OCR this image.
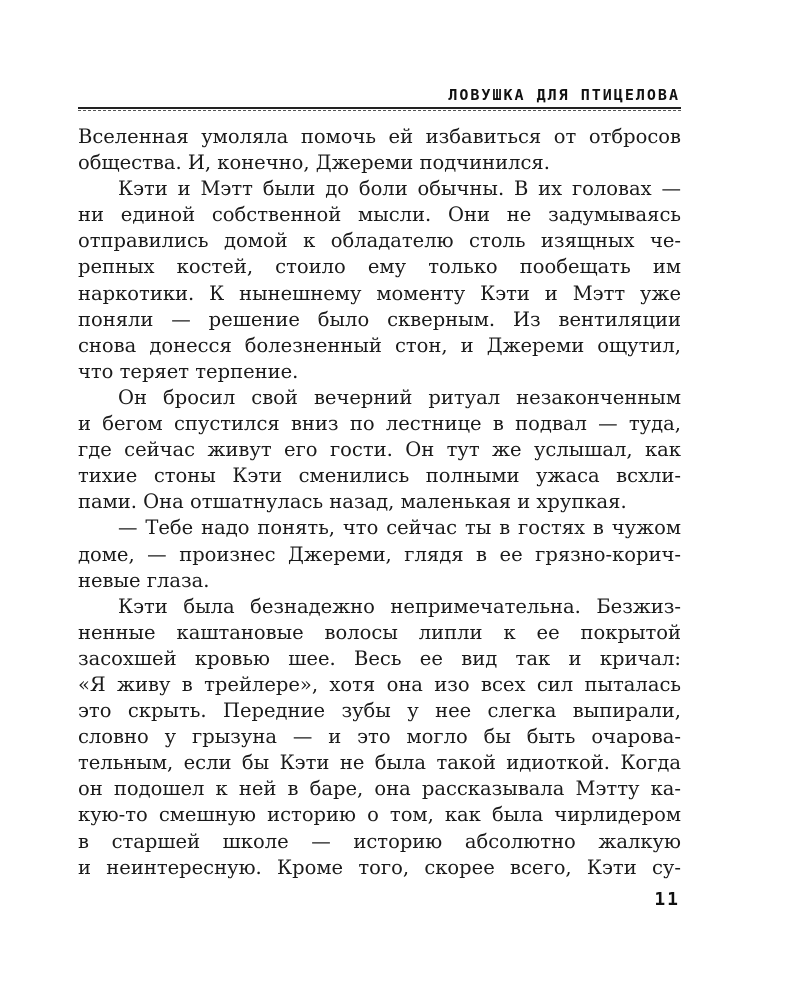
ЛОВУШКА ДЛЯ ПТИЦЕЛОВА
Вселенная умоляла помочь ей избавиться от отбросов
общества. И, конечно, Джереми подчинился.
Кэти и Мэтт были до боли обычны. В их головах —
ни единой собственной мысли. Они не задумываясь
отправились домой к обладателю столь изящных че-
репных костей, стоило ему только пообещать им
наркотики. К нынешнему моменту Кэти и Мэтт уже
поняли — решение было скверным. Из вентиляции
снова донесся болезненный стон, и Джереми ощутил,
что теряет терпение.
Он бросил свой вечерний ритуал незаконченным
и бегом спустился вниз по лестнице в подвал — туда,
где сейчас живут его гости. Он тут же услышал, как
тихие стоны Кэти сменились полными ужаса всхли-
пами. Она отшатнулась назад, маленькая и хрупкая.
— Тебе надо понять, что сейчас ты в гостях в чужом
доме, — произнес Джереми, глядя в ее грязно-корич-
невые глаза.
Кэти была безнадежно непримечательна. Безжиз-
ненные каштановые волосы липли к ее покрытой
засохшей кровью шее. Весь ее вид так и кричал:
«Я живу в трейлере», хотя она изо всех сил пыталась
это скрыть. Передние зубы у нее слегка выпирали,
словно у грызуна — и это могло бы быть очарова-
тельным, если бы Кэти не была такой идиоткой. Когда
он подошел к ней в баре, она рассказывала Мэтту ка-
кую-то смешную историю о том, как была чирлидером
в старшей школе — историю абсолютно жалкую
и неинтересную. Кроме того, скорее всего, Кэти су-
11
